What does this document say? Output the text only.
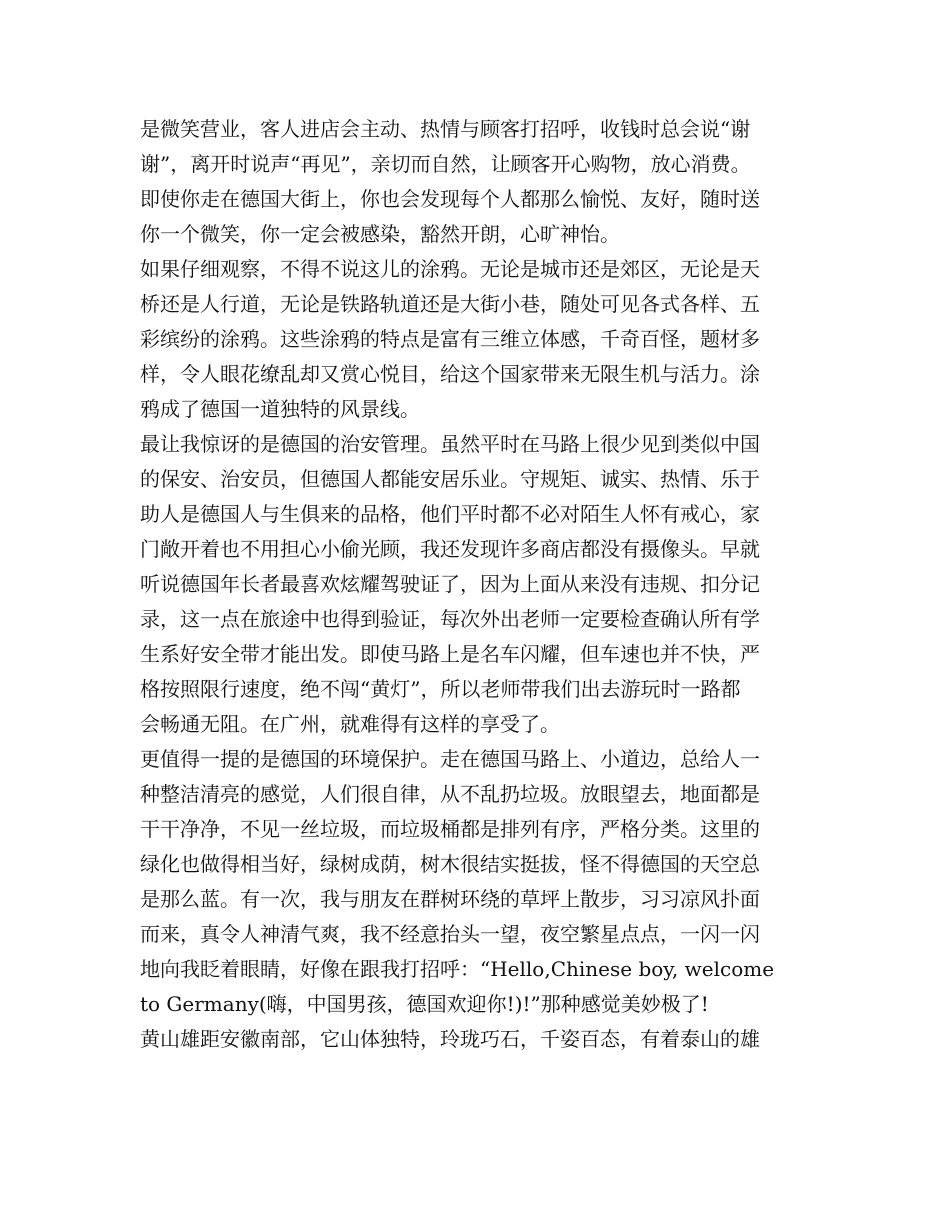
是微笑营业，客人进店会主动、热情与顾客打招呼，收钱时总会说“谢
谢”，离开时说声“再见”，亲切而自然，让顾客开心购物，放心消费。
即使你走在德国大街上，你也会发现每个人都那么愉悦、友好，随时送
你一个微笑，你一定会被感染，豁然开朗，心旷神怡。
如果仔细观察，不得不说这儿的涂鸦。无论是城市还是郊区，无论是天
桥还是人行道，无论是铁路轨道还是大街小巷，随处可见各式各样、五
彩缤纷的涂鸦。这些涂鸦的特点是富有三维立体感，千奇百怪，题材多
样，令人眼花缭乱却又赏心悦目，给这个国家带来无限生机与活力。涂
鸦成了德国一道独特的风景线。
最让我惊讶的是德国的治安管理。虽然平时在马路上很少见到类似中国
的保安、治安员，但德国人都能安居乐业。守规矩、诚实、热情、乐于
助人是德国人与生俱来的品格，他们平时都不必对陌生人怀有戒心，家
门敞开着也不用担心小偷光顾，我还发现许多商店都没有摄像头。早就
听说德国年长者最喜欢炫耀驾驶证了，因为上面从来没有违规、扣分记
录，这一点在旅途中也得到验证，每次外出老师一定要检查确认所有学
生系好安全带才能出发。即使马路上是名车闪耀，但车速也并不快，严
格按照限行速度，绝不闯“黄灯”，所以老师带我们出去游玩时一路都
会畅通无阻。在广州，就难得有这样的享受了。
更值得一提的是德国的环境保护。走在德国马路上、小道边，总给人一
种整洁清亮的感觉，人们很自律，从不乱扔垃圾。放眼望去，地面都是
干干净净，不见一丝垃圾，而垃圾桶都是排列有序，严格分类。这里的
绿化也做得相当好，绿树成荫，树木很结实挺拔，怪不得德国的天空总
是那么蓝。有一次，我与朋友在群树环绕的草坪上散步，习习凉风扑面
而来，真令人神清气爽，我不经意抬头一望，夜空繁星点点，一闪一闪
地向我眨着眼睛，好像在跟我打招呼：“Hello,Chinese boy, welcome
to Germany(嗨，中国男孩，德国欢迎你!)!”那种感觉美妙极了!
黄山雄距安徽南部，它山体独特，玲珑巧石，千姿百态，有着泰山的雄
